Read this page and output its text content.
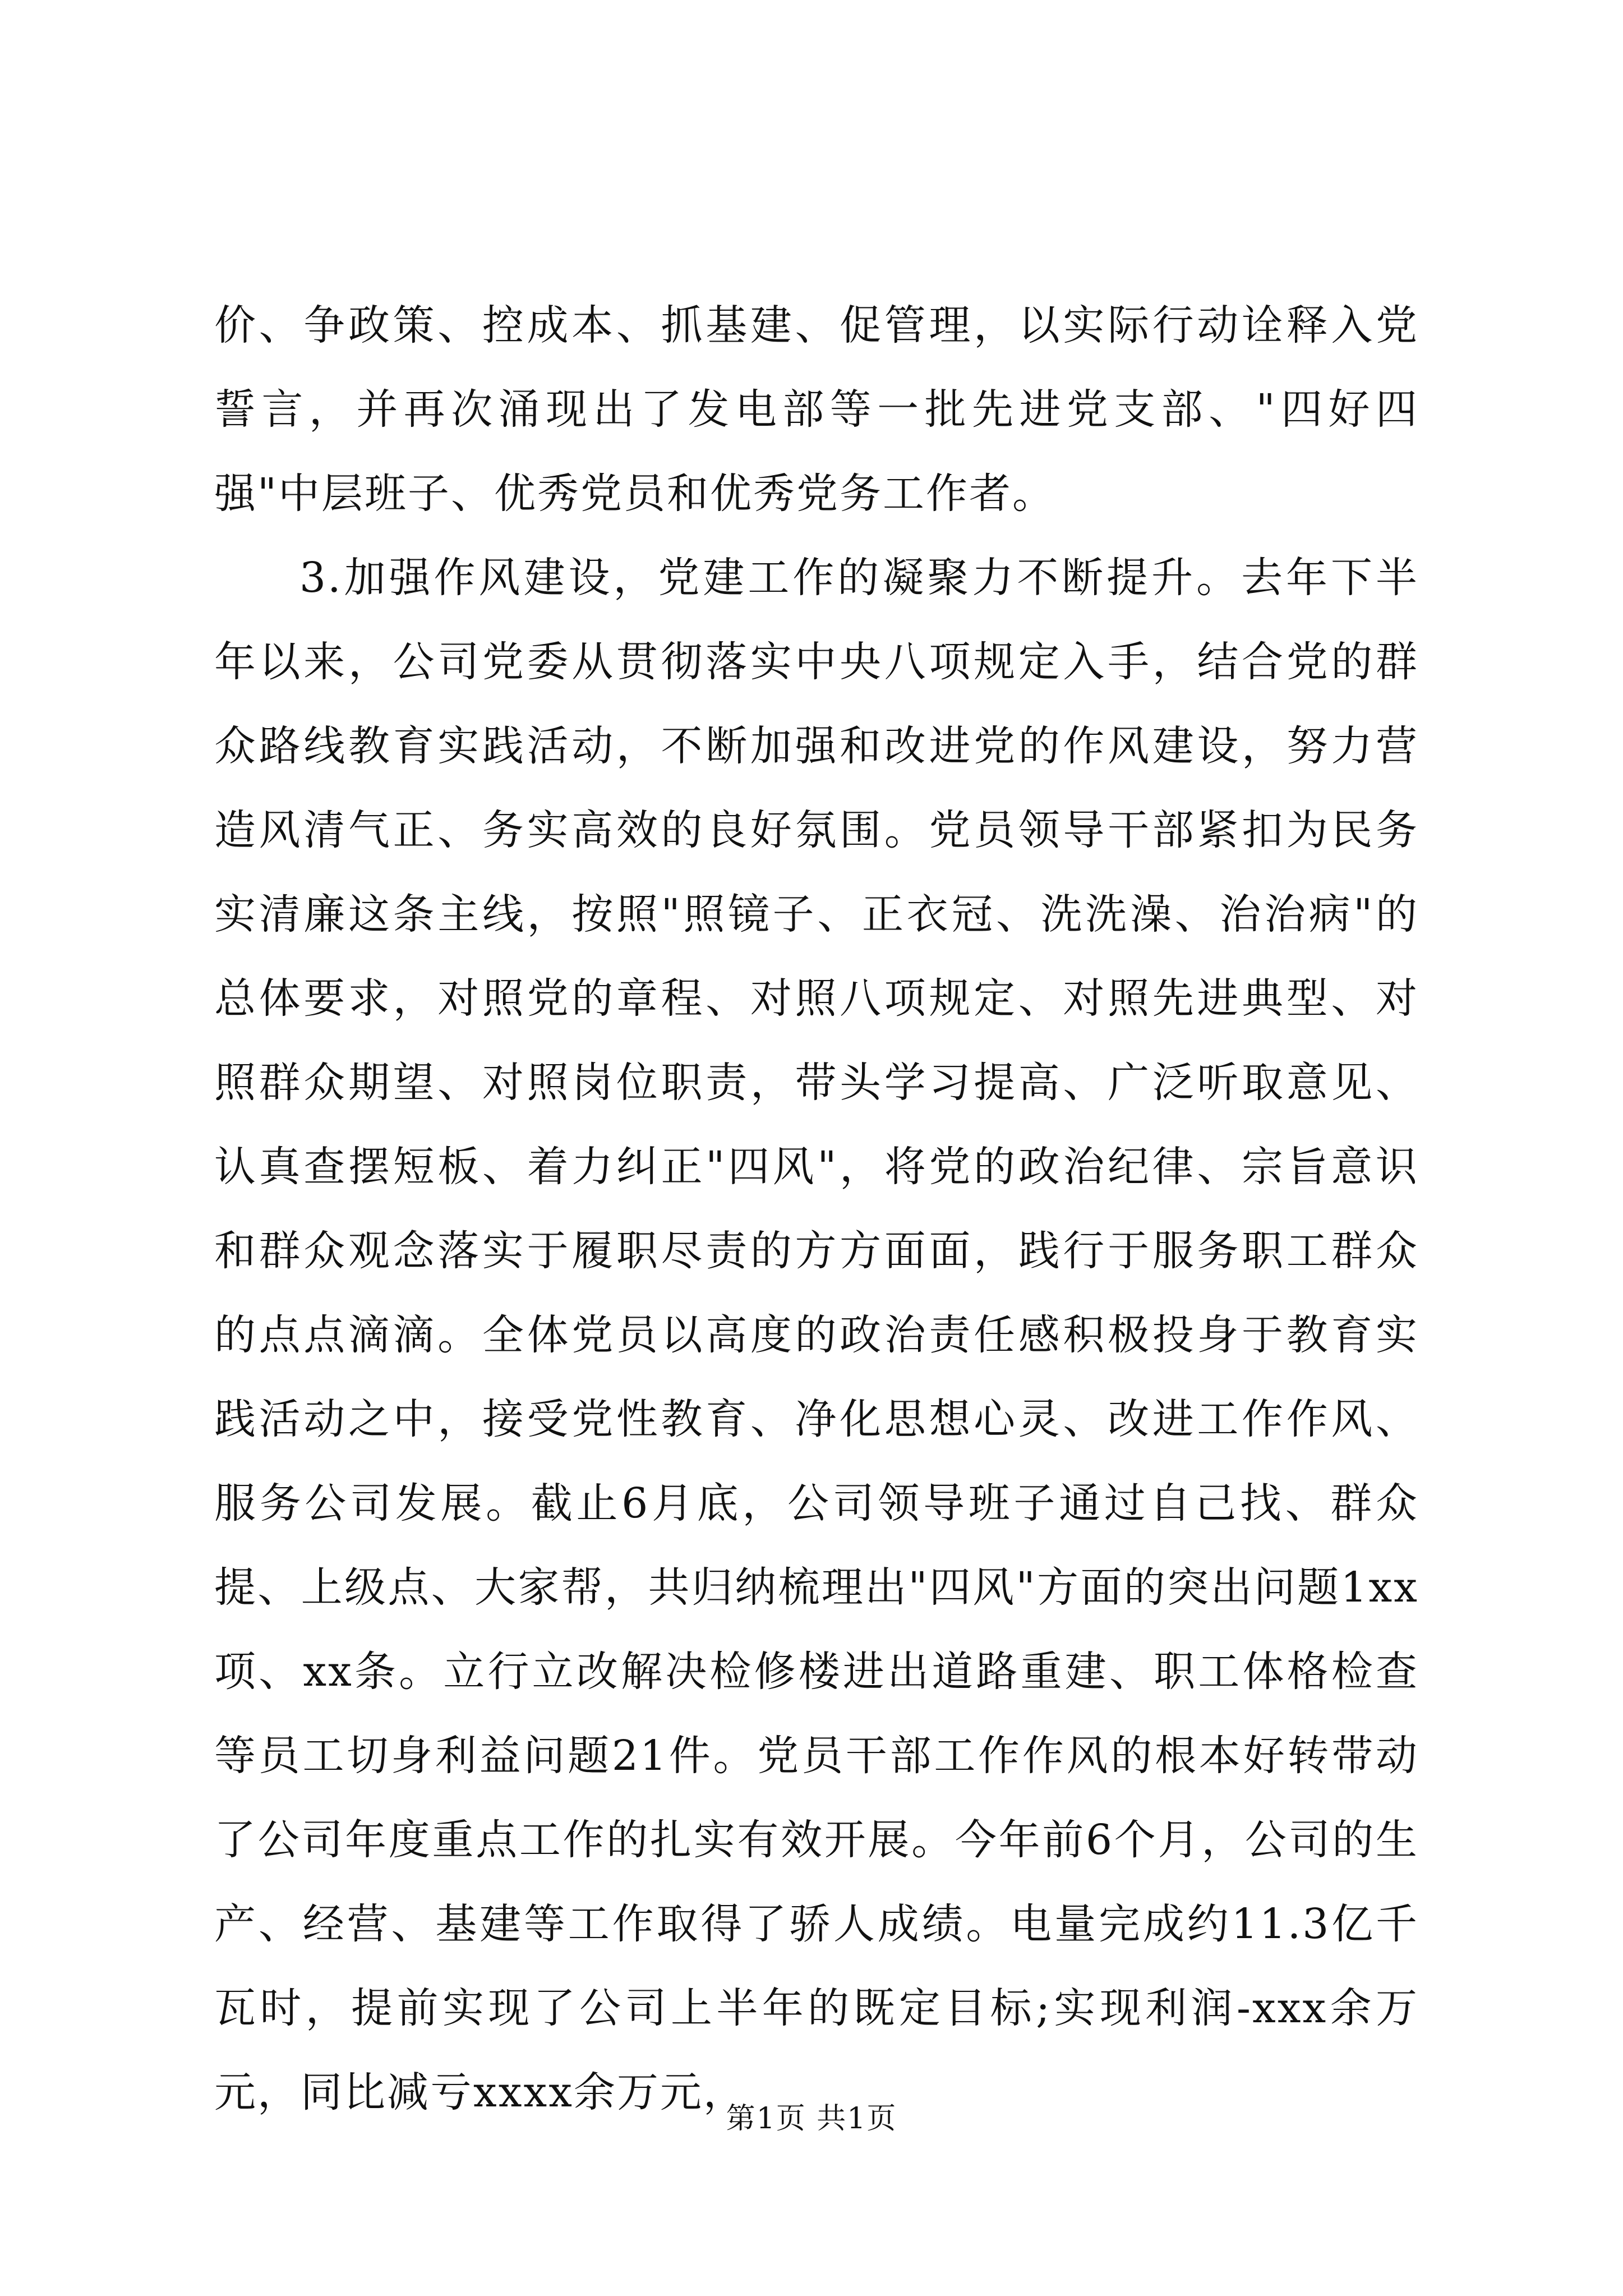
价、争政策、控成本、抓基建、促管理，以实际行动诠释入党誓言，并再次涌现出了发电部等一批先进党支部、"四好四强"中层班子、优秀党员和优秀党务工作者。

3.加强作风建设，党建工作的凝聚力不断提升。去年下半年以来，公司党委从贯彻落实中央八项规定入手，结合党的群众路线教育实践活动，不断加强和改进党的作风建设，努力营造风清气正、务实高效的良好氛围。党员领导干部紧扣为民务实清廉这条主线，按照"照镜子、正衣冠、洗洗澡、治治病"的总体要求，对照党的章程、对照八项规定、对照先进典型、对照群众期望、对照岗位职责，带头学习提高、广泛听取意见、认真查摆短板、着力纠正"四风"，将党的政治纪律、宗旨意识和群众观念落实于履职尽责的方方面面，践行于服务职工群众的点点滴滴。全体党员以高度的政治责任感积极投身于教育实践活动之中，接受党性教育、净化思想心灵、改进工作作风、服务公司发展。截止6月底，公司领导班子通过自己找、群众提、上级点、大家帮，共归纳梳理出"四风"方面的突出问题1xx项、xx条。立行立改解决检修楼进出道路重建、职工体格检查等员工切身利益问题21件。党员干部工作作风的根本好转带动了公司年度重点工作的扎实有效开展。今年前6个月，公司的生产、经营、基建等工作取得了骄人成绩。电量完成约11.3亿千瓦时，提前实现了公司上半年的既定目标;实现利润-xxx余万元，同比减亏xxxx余万元，

第1页 共1页
